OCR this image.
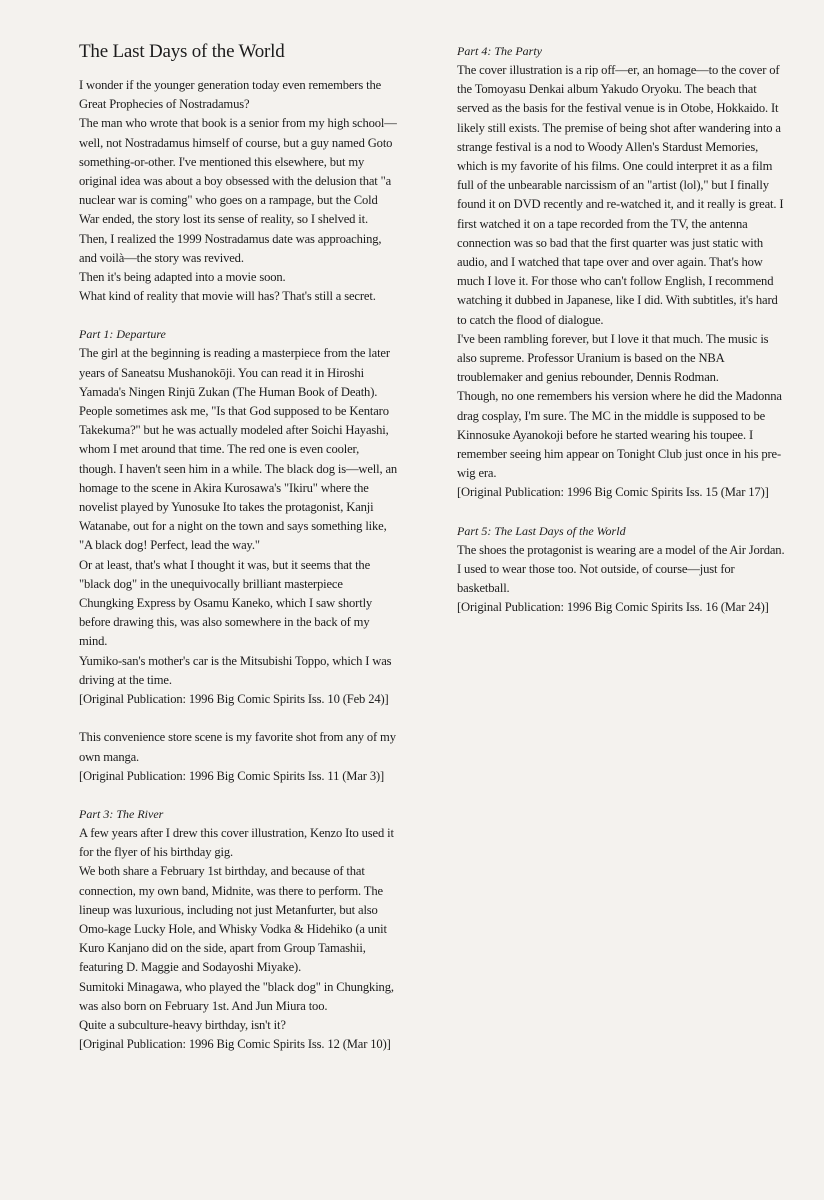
The Last Days of the World

I wonder if the younger generation today even remembers the Great Prophecies of Nostradamus?

The man who wrote that book is a senior from my high school—well, not Nostradamus himself of course, but a guy named Goto something-or-other. I've mentioned this elsewhere, but my original idea was about a boy obsessed with the delusion that "a nuclear war is coming" who goes on a rampage, but the Cold War ended, the story lost its sense of reality, so I shelved it. Then, I realized the 1999 Nostradamus date was approaching, and voilà—the story was revived.

Then it's being adapted into a movie soon.

What kind of reality that movie will has? That's still a secret.

Part 1: Departure

The girl at the beginning is reading a masterpiece from the later years of Saneatsu Mushanokōji. You can read it in Hiroshi Yamada's Ningen Rinjū Zukan (The Human Book of Death). People sometimes ask me, "Is that God supposed to be Kentaro Takekuma?" but he was actually modeled after Soichi Hayashi, whom I met around that time. The red one is even cooler, though. I haven't seen him in a while. The black dog is—well, an homage to the scene in Akira Kurosawa's "Ikiru" where the novelist played by Yunosuke Ito takes the protagonist, Kanji Watanabe, out for a night on the town and says something like, "A black dog! Perfect, lead the way."

Or at least, that's what I thought it was, but it seems that the "black dog" in the unequivocally brilliant masterpiece Chungking Express by Osamu Kaneko, which I saw shortly before drawing this, was also somewhere in the back of my mind.

Yumiko-san's mother's car is the Mitsubishi Toppo, which I was driving at the time.

[Original Publication: 1996 Big Comic Spirits Iss. 10 (Feb 24)]

This convenience store scene is my favorite shot from any of my own manga.

[Original Publication: 1996 Big Comic Spirits Iss. 11 (Mar 3)]

Part 3: The River

A few years after I drew this cover illustration, Kenzo Ito used it for the flyer of his birthday gig.

We both share a February 1st birthday, and because of that connection, my own band, Midnite, was there to perform. The lineup was luxurious, including not just Metanfurter, but also Omo-kage Lucky Hole, and Whisky Vodka & Hidehiko (a unit Kuro Kanjano did on the side, apart from Group Tamashii, featuring D. Maggie and Sodayoshi Miyake).

Sumitoki Minagawa, who played the "black dog" in Chungking, was also born on February 1st. And Jun Miura too.

Quite a subculture-heavy birthday, isn't it?

[Original Publication: 1996 Big Comic Spirits Iss. 12 (Mar 10)]

Part 4: The Party

The cover illustration is a rip off—er, an homage—to the cover of the Tomoyasu Denkai album Yakudo Oryoku. The beach that served as the basis for the festival venue is in Otobe, Hokkaido. It likely still exists. The premise of being shot after wandering into a strange festival is a nod to Woody Allen's Stardust Memories, which is my favorite of his films. One could interpret it as a film full of the unbearable narcissism of an "artist (lol)," but I finally found it on DVD recently and re-watched it, and it really is great. I first watched it on a tape recorded from the TV, the antenna connection was so bad that the first quarter was just static with audio, and I watched that tape over and over again. That's how much I love it. For those who can't follow English, I recommend watching it dubbed in Japanese, like I did. With subtitles, it's hard to catch the flood of dialogue.

I've been rambling forever, but I love it that much. The music is also supreme. Professor Uranium is based on the NBA troublemaker and genius rebounder, Dennis Rodman.

Though, no one remembers his version where he did the Madonna drag cosplay, I'm sure. The MC in the middle is supposed to be Kinnosuke Ayanokoji before he started wearing his toupee. I remember seeing him appear on Tonight Club just once in his pre-wig era.

[Original Publication: 1996 Big Comic Spirits Iss. 15 (Mar 17)]

Part 5: The Last Days of the World

The shoes the protagonist is wearing are a model of the Air Jordan. I used to wear those too. Not outside, of course—just for basketball.

[Original Publication: 1996 Big Comic Spirits Iss. 16 (Mar 24)]
